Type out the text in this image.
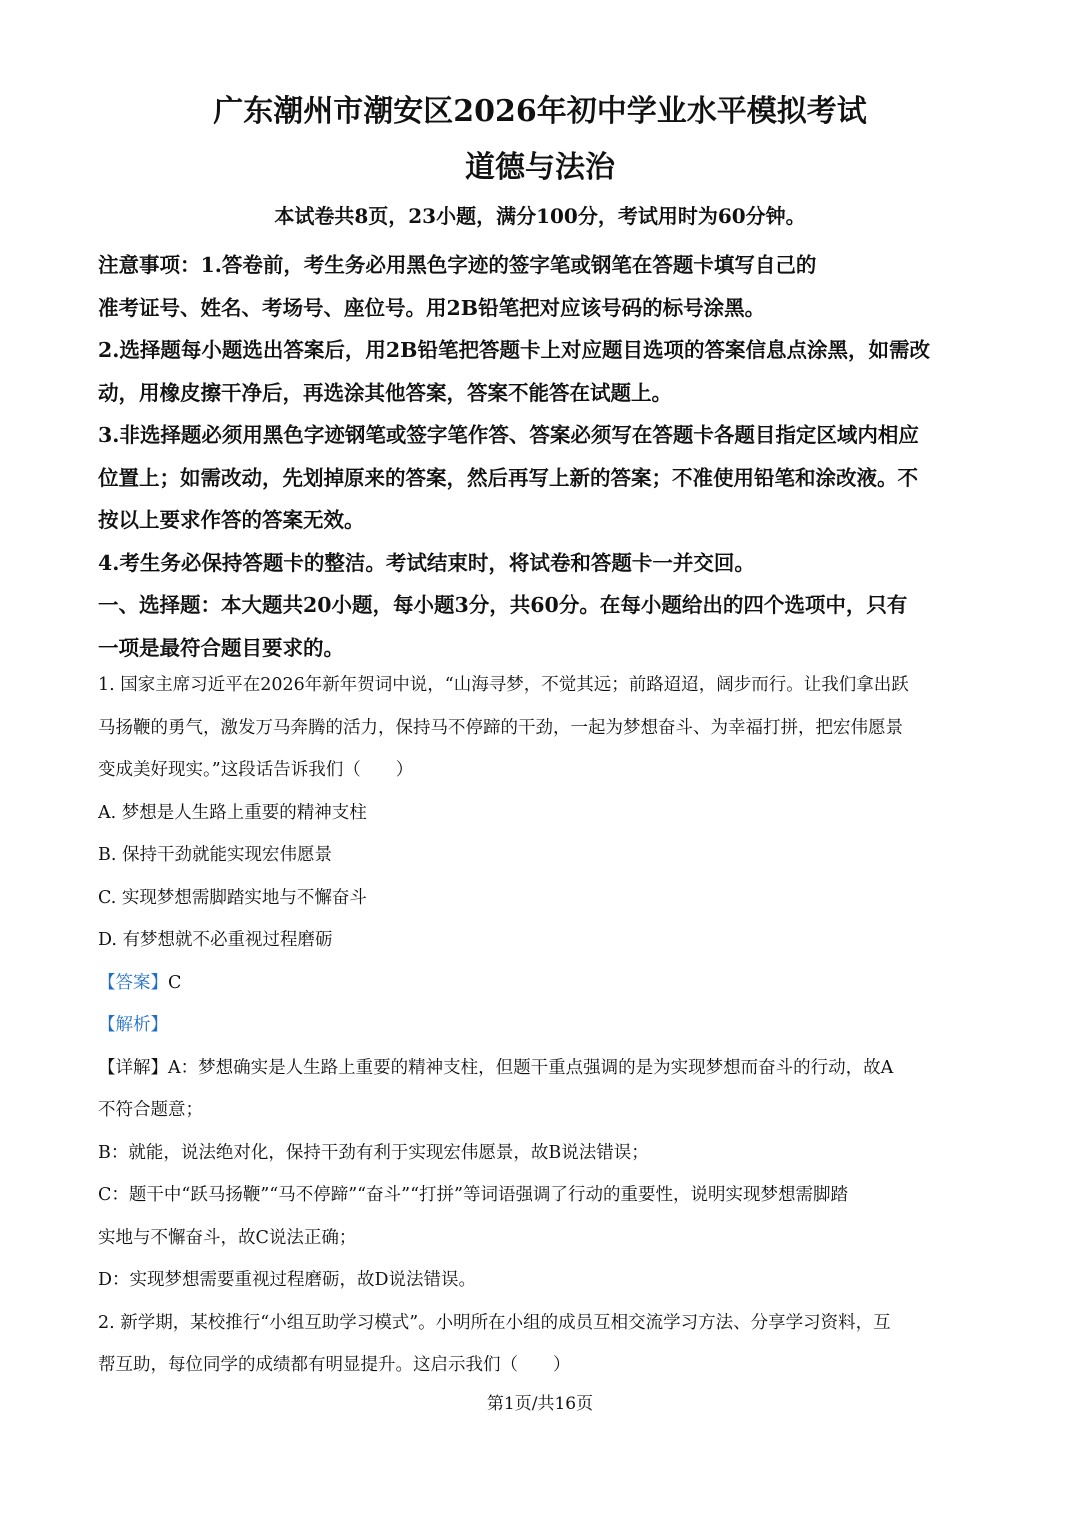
广东潮州市潮安区2026年初中学业水平模拟考试
道德与法治
本试卷共8页，23小题，满分100分，考试用时为60分钟。

注意事项：1.答卷前，考生务必用黑色字迹的签字笔或钢笔在答题卡填写自己的

准考证号、姓名、考场号、座位号。用2B铅笔把对应该号码的标号涂黑。

2.选择题每小题选出答案后，用2B铅笔把答题卡上对应题目选项的答案信息点涂黑，如需改

动，用橡皮擦干净后，再选涂其他答案，答案不能答在试题上。

3.非选择题必须用黑色字迹钢笔或签字笔作答、答案必须写在答题卡各题目指定区域内相应

位置上；如需改动，先划掉原来的答案，然后再写上新的答案；不准使用铅笔和涂改液。不

按以上要求作答的答案无效。

4.考生务必保持答题卡的整洁。考试结束时，将试卷和答题卡一并交回。

一、选择题：本大题共20小题，每小题3分，共60分。在每小题给出的四个选项中，只有

一项是最符合题目要求的。

1. 国家主席习近平在2026年新年贺词中说，“山海寻梦，不觉其远；前路迢迢，阔步而行。让我们拿出跃

马扬鞭的勇气，激发万马奔腾的活力，保持马不停蹄的干劲，一起为梦想奋斗、为幸福打拼，把宏伟愿景

变成美好现实。”这段话告诉我们（　　）

A. 梦想是人生路上重要的精神支柱

B. 保持干劲就能实现宏伟愿景

C. 实现梦想需脚踏实地与不懈奋斗

D. 有梦想就不必重视过程磨砺

【答案】C

【解析】

【详解】A：梦想确实是人生路上重要的精神支柱，但题干重点强调的是为实现梦想而奋斗的行动，故A

不符合题意；

B：就能，说法绝对化，保持干劲有利于实现宏伟愿景，故B说法错误；

C：题干中“跃马扬鞭”“马不停蹄”“奋斗”“打拼”等词语强调了行动的重要性，说明实现梦想需脚踏

实地与不懈奋斗，故C说法正确；

D：实现梦想需要重视过程磨砺，故D说法错误。

2. 新学期，某校推行“小组互助学习模式”。小明所在小组的成员互相交流学习方法、分享学习资料，互

帮互助，每位同学的成绩都有明显提升。这启示我们（　　）

第1页/共16页
